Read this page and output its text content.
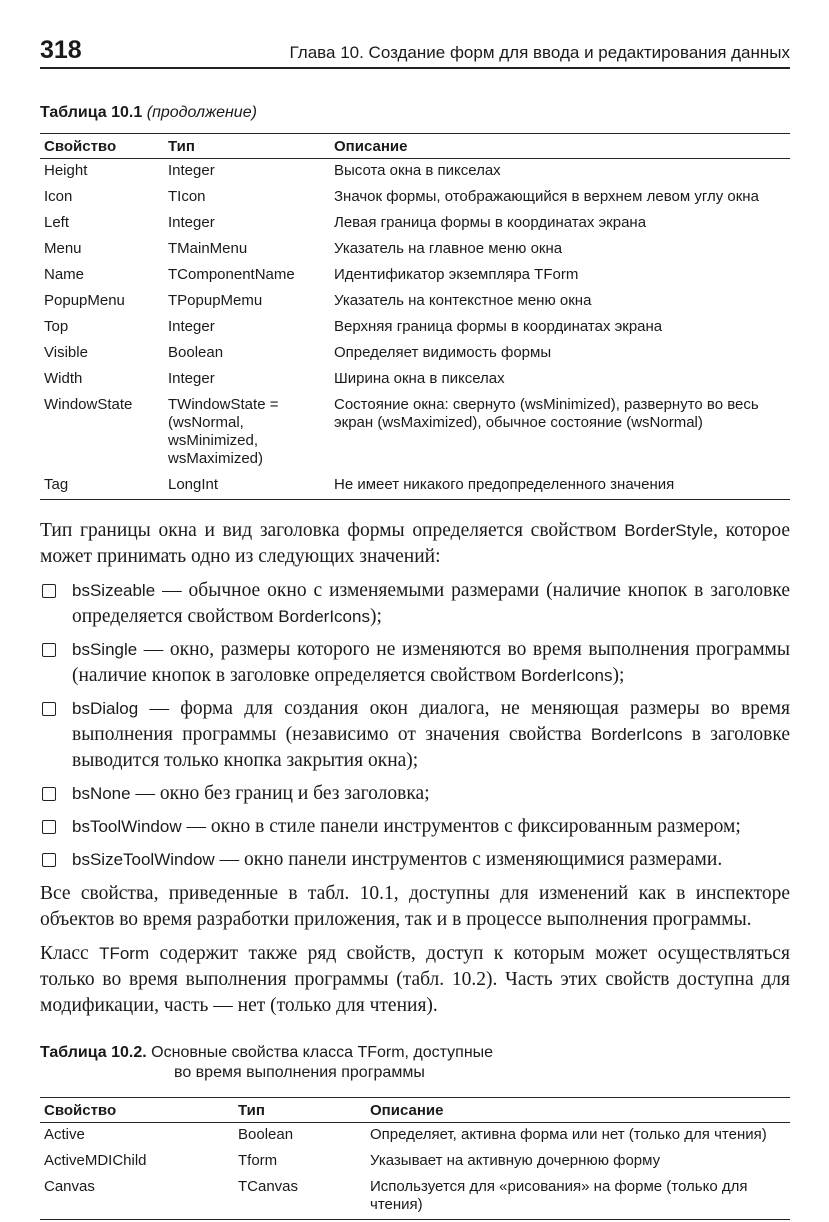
318	Глава 10. Создание форм для ввода и редактирования данных
Таблица 10.1 (продолжение)
Свойство	Тип	Описание
Height	Integer	Высота окна в пикселах
Icon	TIcon	Значок формы, отображающийся в верхнем левом углу окна
Left	Integer	Левая граница формы в координатах экрана
Menu	TMainMenu	Указатель на главное меню окна
Name	TComponentName	Идентификатор экземпляра TForm
PopupMenu	TPopupMemu	Указатель на контекстное меню окна
Top	Integer	Верхняя граница формы в координатах экрана
Visible	Boolean	Определяет видимость формы
Width	Integer	Ширина окна в пикселах
WindowState	TWindowState = (wsNormal, wsMinimized, wsMaximized)	Состояние окна: свернуто (wsMinimized), развернуто во весь экран (wsMaximized), обычное состояние (wsNormal)
Tag	LongInt	Не имеет никакого предопределенного значения

Тип границы окна и вид заголовка формы определяется свойством BorderStyle, которое может принимать одно из следующих значений:

bsSizeable — обычное окно с изменяемыми размерами (наличие кнопок в заголовке определяется свойством BorderIcons);
bsSingle — окно, размеры которого не изменяются во время выполнения программы (наличие кнопок в заголовке определяется свойством BorderIcons);
bsDialog — форма для создания окон диалога, не меняющая размеры во время выполнения программы (независимо от значения свойства BorderIcons в заголовке выводится только кнопка закрытия окна);
bsNone — окно без границ и без заголовка;
bsToolWindow — окно в стиле панели инструментов с фиксированным размером;
bsSizeToolWindow — окно панели инструментов с изменяющимися размерами.

Все свойства, приведенные в табл. 10.1, доступны для изменений как в инспекторе объектов во время разработки приложения, так и в процессе выполнения программы.

Класс TForm содержит также ряд свойств, доступ к которым может осуществляться только во время выполнения программы (табл. 10.2). Часть этих свойств доступна для модификации, часть — нет (только для чтения).

Таблица 10.2. Основные свойства класса TForm, доступные
во время выполнения программы
Свойство	Тип	Описание
Active	Boolean	Определяет, активна форма или нет (только для чтения)
ActiveMDIChild	Tform	Указывает на активную дочернюю форму
Canvas	TCanvas	Используется для «рисования» на форме (только для чтения)
